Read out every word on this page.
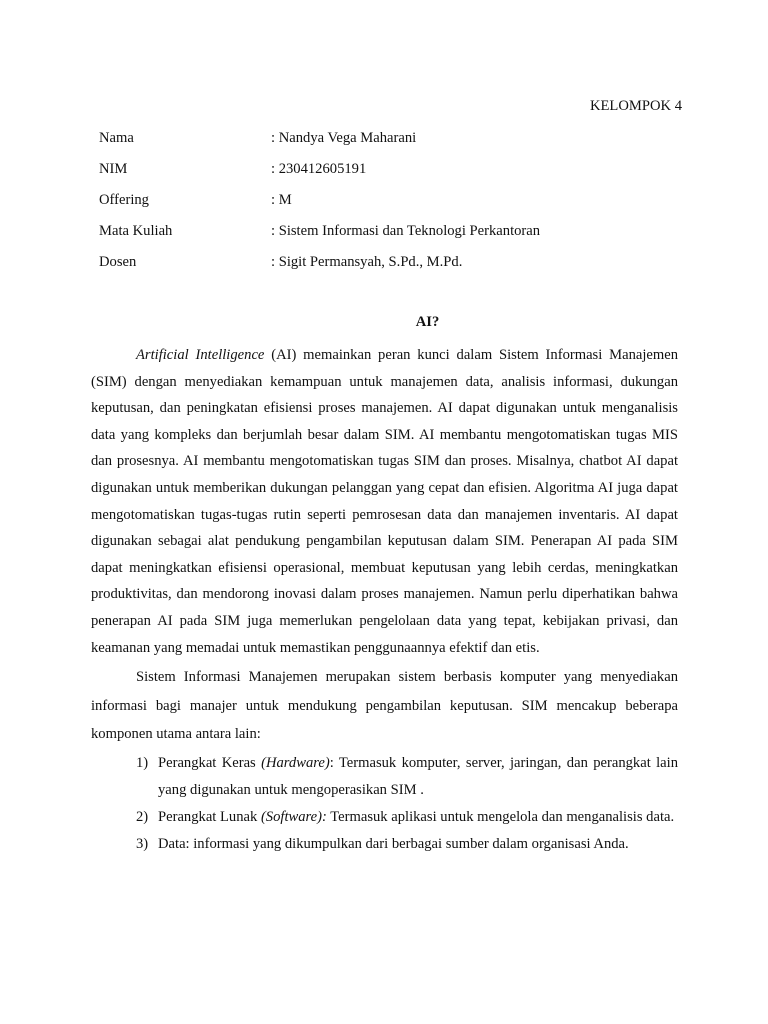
KELOMPOK 4
Nama	: Nandya Vega Maharani
NIM	: 230412605191
Offering	: M
Mata Kuliah	: Sistem Informasi dan Teknologi Perkantoran
Dosen	: Sigit Permansyah, S.Pd., M.Pd.
AI?

Artificial Intelligence (AI) memainkan peran kunci dalam Sistem Informasi Manajemen (SIM) dengan menyediakan kemampuan untuk manajemen data, analisis informasi, dukungan keputusan, dan peningkatan efisiensi proses manajemen. AI dapat digunakan untuk menganalisis data yang kompleks dan berjumlah besar dalam SIM. AI membantu mengotomatiskan tugas MIS dan prosesnya. AI membantu mengotomatiskan tugas SIM dan proses. Misalnya, chatbot AI dapat digunakan untuk memberikan dukungan pelanggan yang cepat dan efisien. Algoritma AI juga dapat mengotomatiskan tugas-tugas rutin seperti pemrosesan data dan manajemen inventaris. AI dapat digunakan sebagai alat pendukung pengambilan keputusan dalam SIM. Penerapan AI pada SIM dapat meningkatkan efisiensi operasional, membuat keputusan yang lebih cerdas, meningkatkan produktivitas, dan mendorong inovasi dalam proses manajemen. Namun perlu diperhatikan bahwa penerapan AI pada SIM juga memerlukan pengelolaan data yang tepat, kebijakan privasi, dan keamanan yang memadai untuk memastikan penggunaannya efektif dan etis.

Sistem Informasi Manajemen merupakan sistem berbasis komputer yang menyediakan informasi bagi manajer untuk mendukung pengambilan keputusan. SIM mencakup beberapa komponen utama antara lain:

1) Perangkat Keras (Hardware): Termasuk komputer, server, jaringan, dan perangkat lain yang digunakan untuk mengoperasikan SIM .
2) Perangkat Lunak (Software): Termasuk aplikasi untuk mengelola dan menganalisis data.
3) Data: informasi yang dikumpulkan dari berbagai sumber dalam organisasi Anda.
